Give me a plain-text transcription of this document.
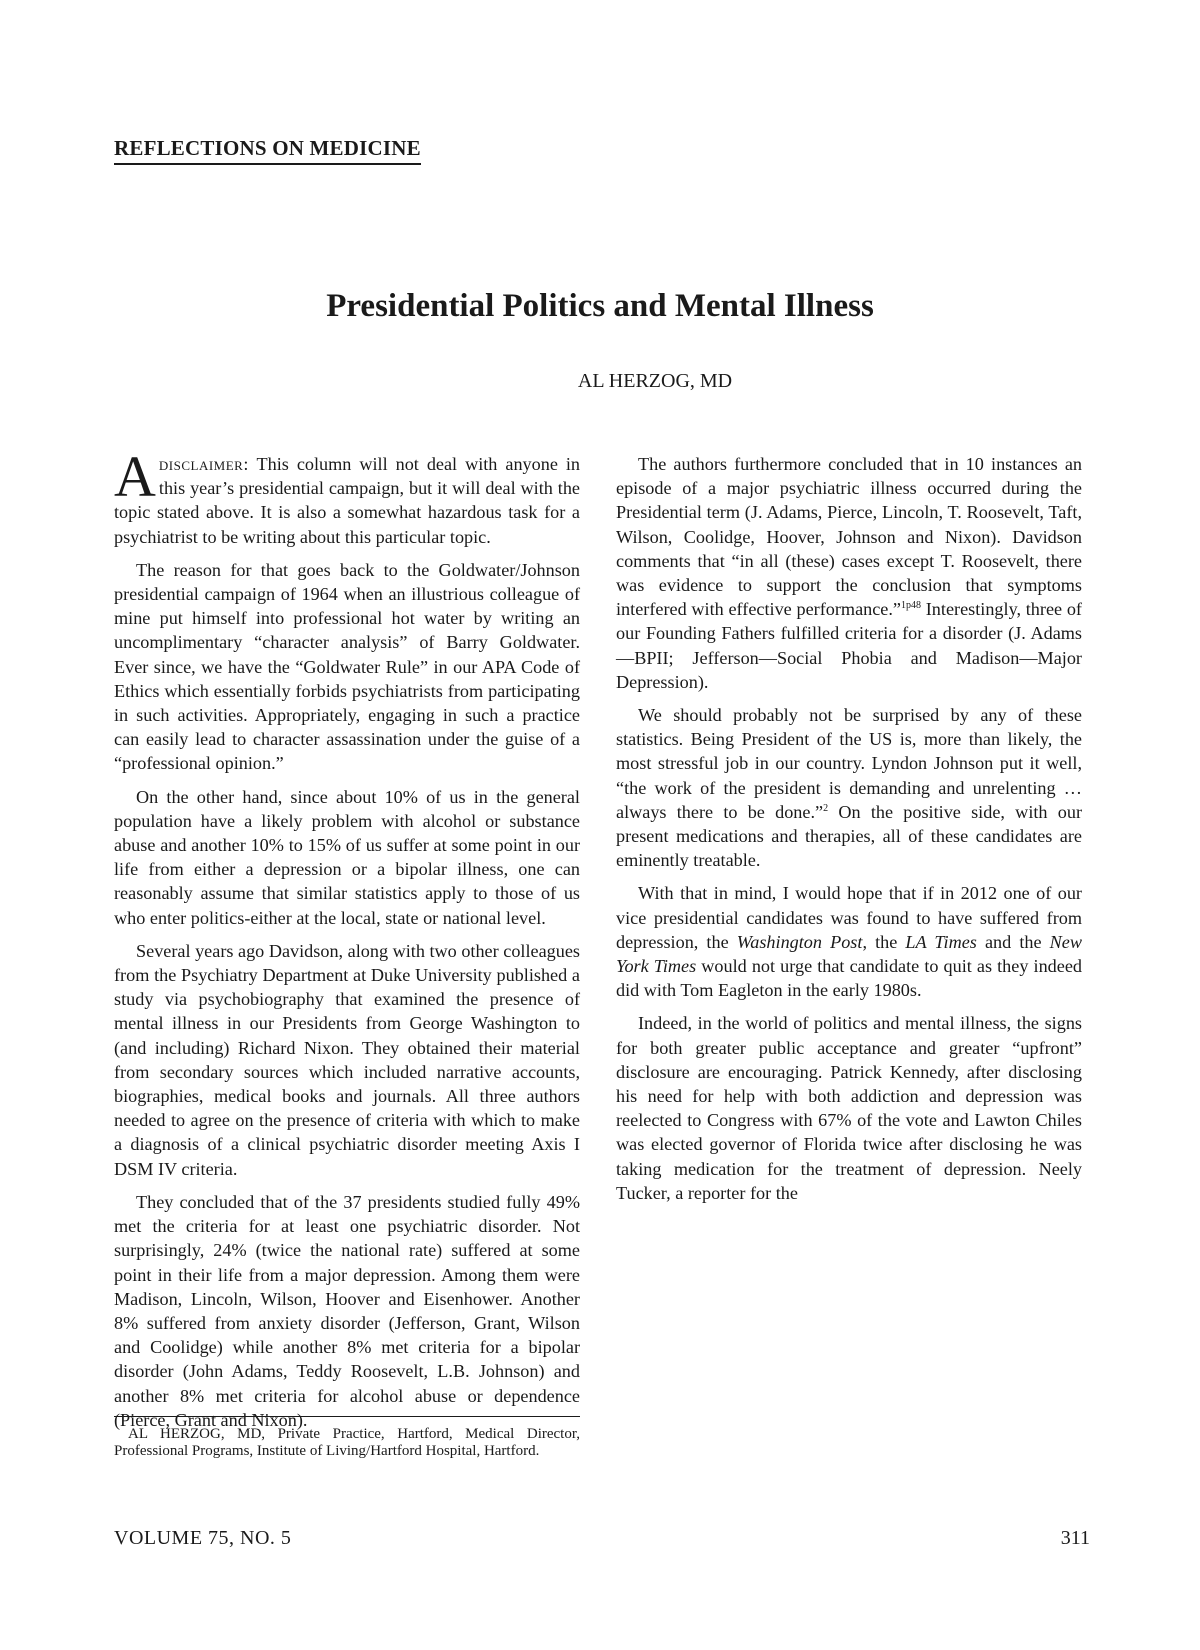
REFLECTIONS ON MEDICINE
Presidential Politics and Mental Illness
AL HERZOG, MD

Adisclaimer: This column will not deal with anyone in this year’s presidential campaign, but it will deal with the topic stated above. It is also a somewhat hazardous task for a psychiatrist to be writing about this particular topic.

The reason for that goes back to the Goldwater/Johnson presidential campaign of 1964 when an illustrious colleague of mine put himself into professional hot water by writing an uncomplimentary “character analysis” of Barry Goldwater. Ever since, we have the “Goldwater Rule” in our APA Code of Ethics which essentially forbids psychiatrists from participating in such activities. Appropriately, engaging in such a practice can easily lead to character assassination under the guise of a “professional opinion.”

On the other hand, since about 10% of us in the general population have a likely problem with alcohol or substance abuse and another 10% to 15% of us suffer at some point in our life from either a depression or a bipolar illness, one can reasonably assume that similar statistics apply to those of us who enter politics-either at the local, state or national level.

Several years ago Davidson, along with two other colleagues from the Psychiatry Department at Duke University published a study via psychobiography that examined the presence of mental illness in our Presidents from George Washington to (and including) Richard Nixon. They obtained their material from secondary sources which included narrative accounts, biographies, medical books and journals. All three authors needed to agree on the presence of criteria with which to make a diagnosis of a clinical psychiatric disorder meeting Axis I DSM IV criteria.

They concluded that of the 37 presidents studied fully 49% met the criteria for at least one psychiatric disorder. Not surprisingly, 24% (twice the national rate) suffered at some point in their life from a major depression. Among them were Madison, Lincoln, Wilson, Hoover and Eisenhower. Another 8% suffered from anxiety disorder (Jefferson, Grant, Wilson and Coolidge) while another 8% met criteria for a bipolar disorder (John Adams, Teddy Roosevelt, L.B. Johnson) and another 8% met criteria for alcohol abuse or dependence (Pierce, Grant and Nixon).

The authors furthermore concluded that in 10 instances an episode of a major psychiatric illness occurred during the Presidential term (J. Adams, Pierce, Lincoln, T. Roosevelt, Taft, Wilson, Coolidge, Hoover, Johnson and Nixon). Davidson comments that “in all (these) cases except T. Roosevelt, there was evidence to support the conclusion that symptoms interfered with effective performance.”$^{1p48}$ Interestingly, three of our Founding Fathers fulfilled criteria for a disorder (J. Adams—BPII; Jefferson—Social Phobia and Madison—Major Depression).

We should probably not be surprised by any of these statistics. Being President of the US is, more than likely, the most stressful job in our country. Lyndon Johnson put it well, “the work of the president is demanding and unrelenting … always there to be done.”$^2$ On the positive side, with our present medications and therapies, all of these candidates are eminently treatable.

With that in mind, I would hope that if in 2012 one of our vice presidential candidates was found to have suffered from depression, the Washington Post, the LA Times and the New York Times would not urge that candidate to quit as they indeed did with Tom Eagleton in the early 1980s.

Indeed, in the world of politics and mental illness, the signs for both greater public acceptance and greater “upfront” disclosure are encouraging. Patrick Kennedy, after disclosing his need for help with both addiction and depression was reelected to Congress with 67% of the vote and Lawton Chiles was elected governor of Florida twice after disclosing he was taking medication for the treatment of depression. Neely Tucker, a reporter for the

AL HERZOG, MD, Private Practice, Hartford, Medical Director, Professional Programs, Institute of Living/Hartford Hospital, Hartford.
VOLUME 75, NO. 5	311
